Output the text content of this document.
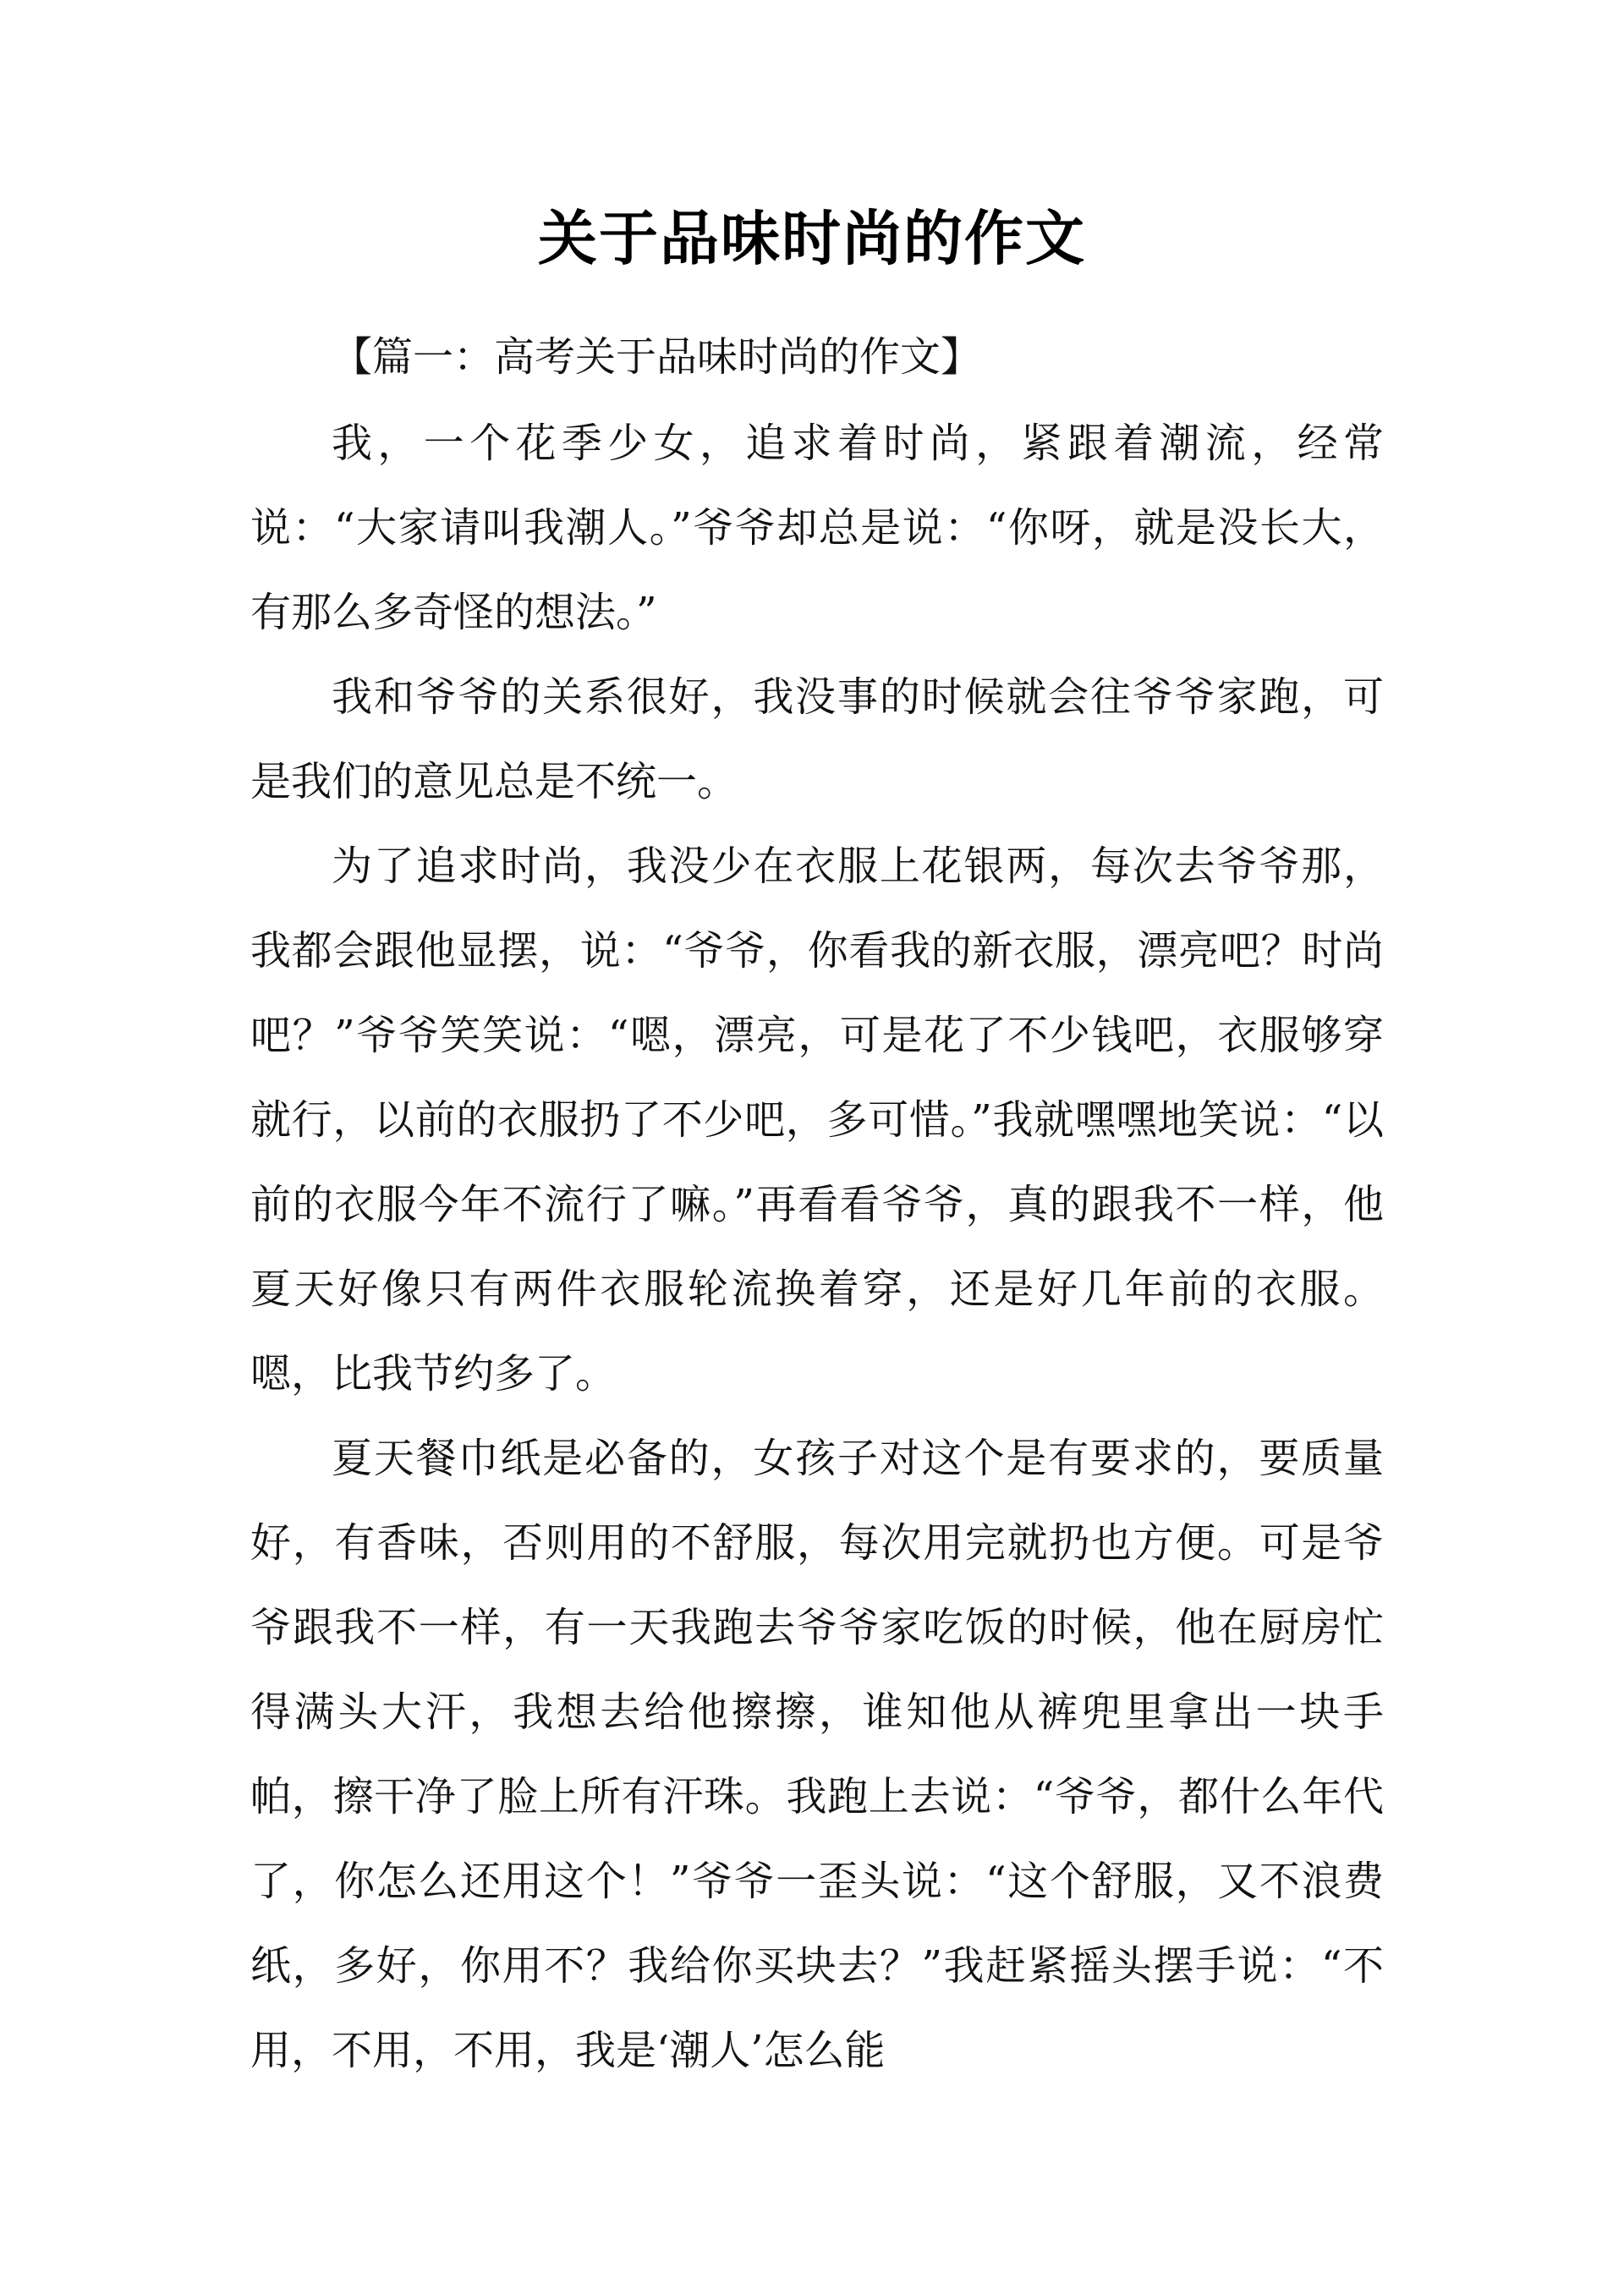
关于品味时尚的作文
【篇一：高考关于品味时尚的作文】

我，一个花季少女，追求着时尚，紧跟着潮流，经常说：“大家请叫我潮人。”爷爷却总是说：“你呀，就是没长大，有那么多奇怪的想法。”

我和爷爷的关系很好，我没事的时候就会往爷爷家跑，可是我们的意见总是不统一。

为了追求时尚，我没少在衣服上花银两，每次去爷爷那，我都会跟他显摆，说：“爷爷，你看我的新衣服，漂亮吧？时尚吧？”爷爷笑笑说：“嗯，漂亮，可是花了不少钱吧，衣服够穿就行，以前的衣服扔了不少吧，多可惜。”我就嘿嘿地笑说：“以前的衣服今年不流行了嘛。”再看看爷爷，真的跟我不一样，他夏天好像只有两件衣服轮流换着穿，还是好几年前的衣服。嗯，比我节约多了。

夏天餐巾纸是必备的，女孩子对这个是有要求的，要质量好，有香味，否则用的不舒服，每次用完就扔也方便。可是爷爷跟我不一样，有一天我跑去爷爷家吃饭的时候，他在厨房忙得满头大汗，我想去给他擦擦，谁知他从裤兜里拿出一块手帕，擦干净了脸上所有汗珠。我跑上去说：“爷爷，都什么年代了，你怎么还用这个！”爷爷一歪头说：“这个舒服，又不浪费纸，多好，你用不？我给你买块去？”我赶紧摇头摆手说：“不用，不用，不用，我是‘潮人’怎么能
